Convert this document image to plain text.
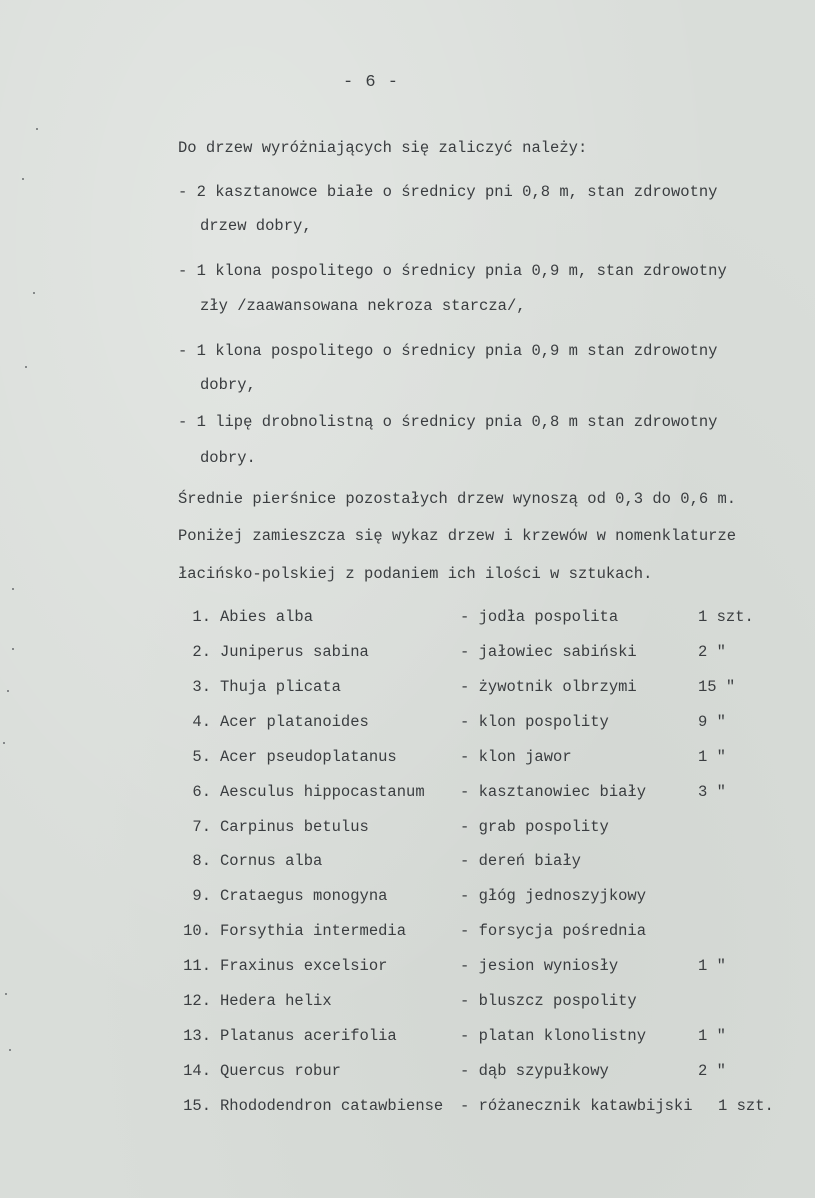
- 6 -
Do drzew wyróżniających się zaliczyć należy:
- 2 kasztanowce białe o średnicy pni 0,8 m, stan zdrowotny
drzew dobry,
- 1 klona pospolitego o średnicy pnia 0,9 m, stan zdrowotny
zły /zaawansowana nekroza starcza/,
- 1 klona pospolitego o średnicy pnia 0,9 m stan zdrowotny
dobry,
- 1 lipę drobnolistną o średnicy pnia 0,8 m stan zdrowotny
dobry.
Średnie pierśnice pozostałych drzew wynoszą od 0,3 do 0,6 m.
Poniżej zamieszcza się wykaz drzew i krzewów w nomenklaturze
łacińsko-polskiej z podaniem ich ilości w sztukach.
1. Abies alba	- jodła pospolita	1 szt.
2. Juniperus sabina	- jałowiec sabiński	2 "
3. Thuja plicata	- żywotnik olbrzymi	15 "
4. Acer platanoides	- klon pospolity	9 "
5. Acer pseudoplatanus	- klon jawor	1 "
6. Aesculus hippocastanum - kasztanowiec biały	3 "
7. Carpinus betulus	- grab pospolity
8. Cornus alba	- dereń biały
9. Crataegus monogyna	- głóg jednoszyjkowy
10. Forsythia intermedia	- forsycja pośrednia
11. Fraxinus excelsior	- jesion wyniosły	1 "
12. Hedera helix	- bluszcz pospolity
13. Platanus acerifolia	- platan klonolistny	1 "
14. Quercus robur	- dąb szypułkowy	2 "
15. Rhododendron catawbiense - różanecznik katawbijski 1 szt.
